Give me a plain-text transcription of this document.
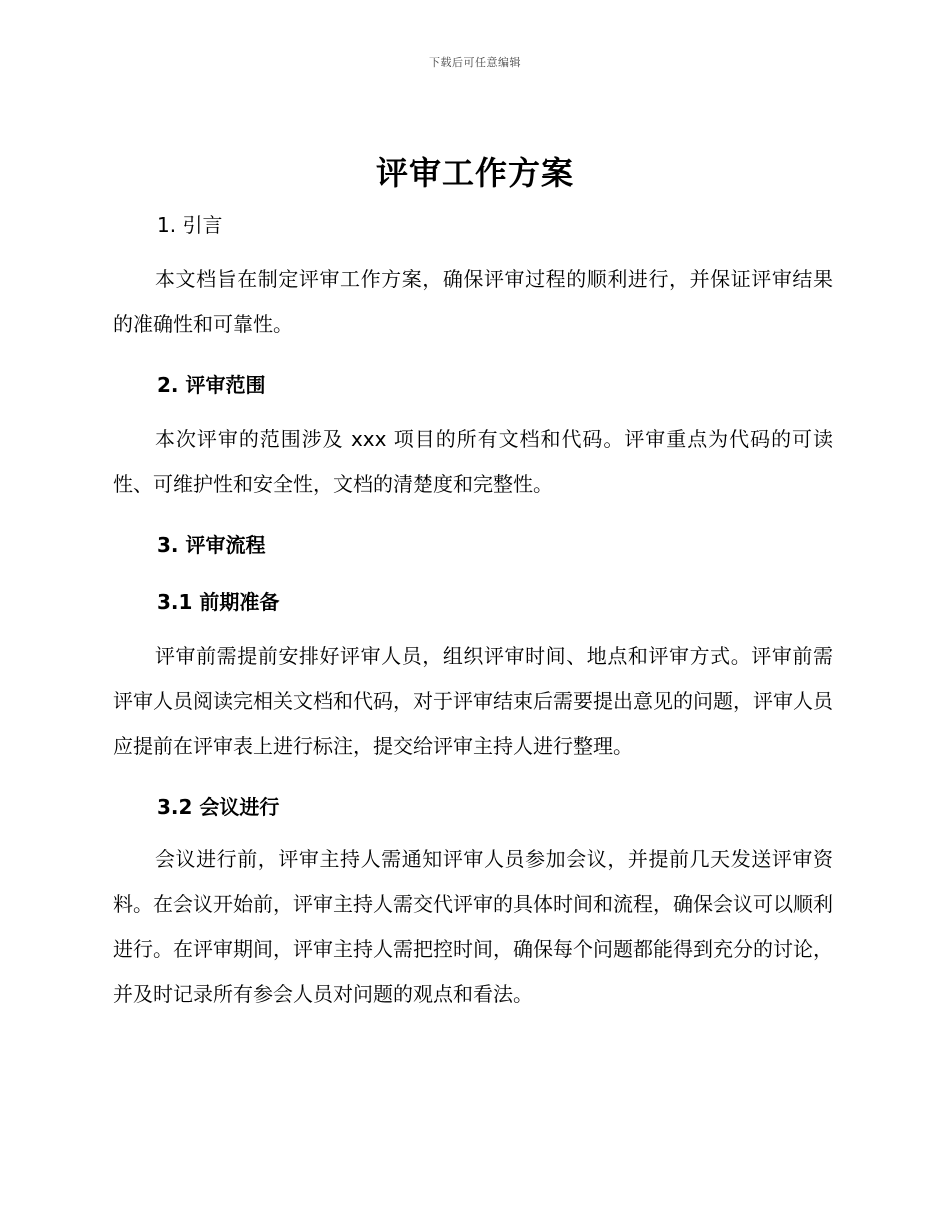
下载后可任意编辑
评审工作方案
1. 引言
本文档旨在制定评审工作方案，确保评审过程的顺利进行，并保证评审结果的准确性和可靠性。
2. 评审范围
本次评审的范围涉及 xxx 项目的所有文档和代码。评审重点为代码的可读性、可维护性和安全性，文档的清楚度和完整性。
3. 评审流程
3.1 前期准备
评审前需提前安排好评审人员，组织评审时间、地点和评审方式。评审前需评审人员阅读完相关文档和代码，对于评审结束后需要提出意见的问题，评审人员应提前在评审表上进行标注，提交给评审主持人进行整理。
3.2 会议进行
会议进行前，评审主持人需通知评审人员参加会议，并提前几天发送评审资料。在会议开始前，评审主持人需交代评审的具体时间和流程，确保会议可以顺利进行。在评审期间，评审主持人需把控时间，确保每个问题都能得到充分的讨论，并及时记录所有参会人员对问题的观点和看法。
